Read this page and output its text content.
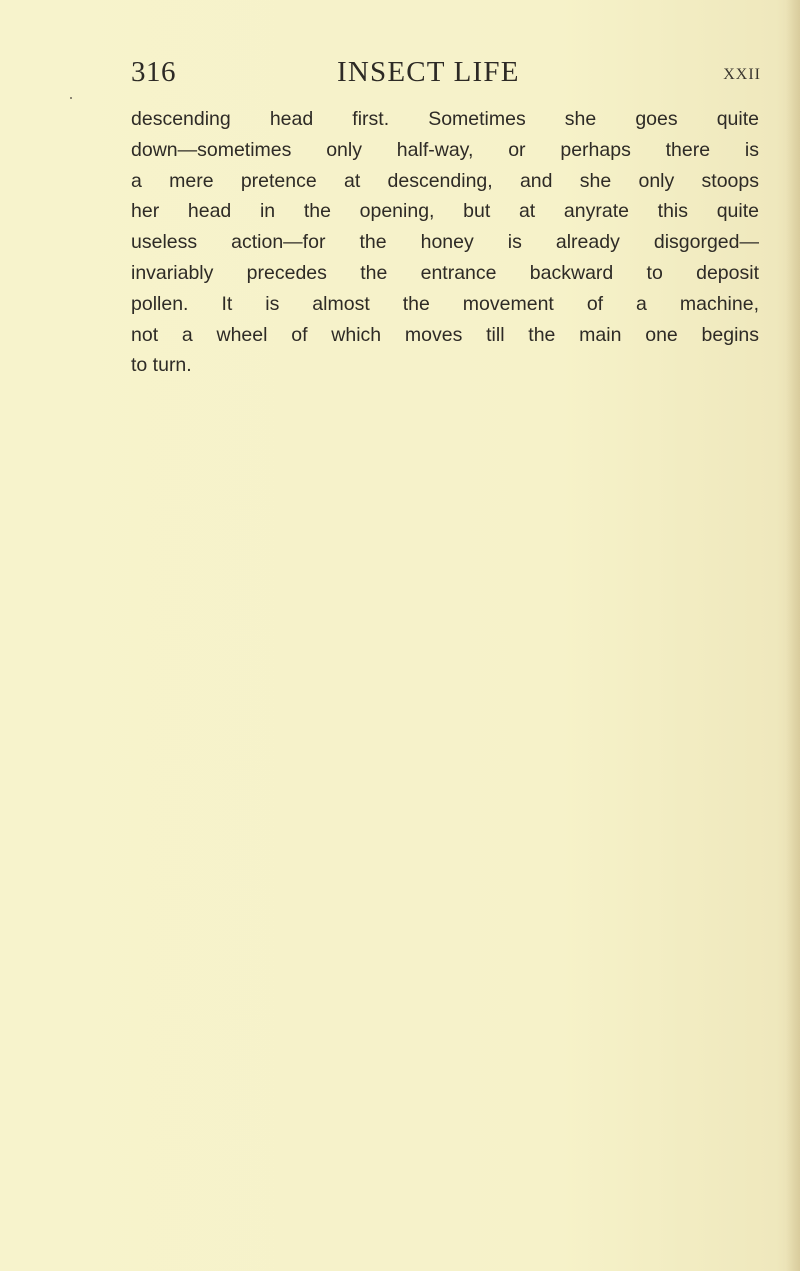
316	INSECT LIFE	XXII

descending head first. Sometimes she goes quite
down—sometimes only half-way, or perhaps there is
a mere pretence at descending, and she only stoops
her head in the opening, but at anyrate this quite
useless action—for the honey is already disgorged—
invariably precedes the entrance backward to deposit
pollen. It is almost the movement of a machine,
not a wheel of which moves till the main one begins
to turn.
